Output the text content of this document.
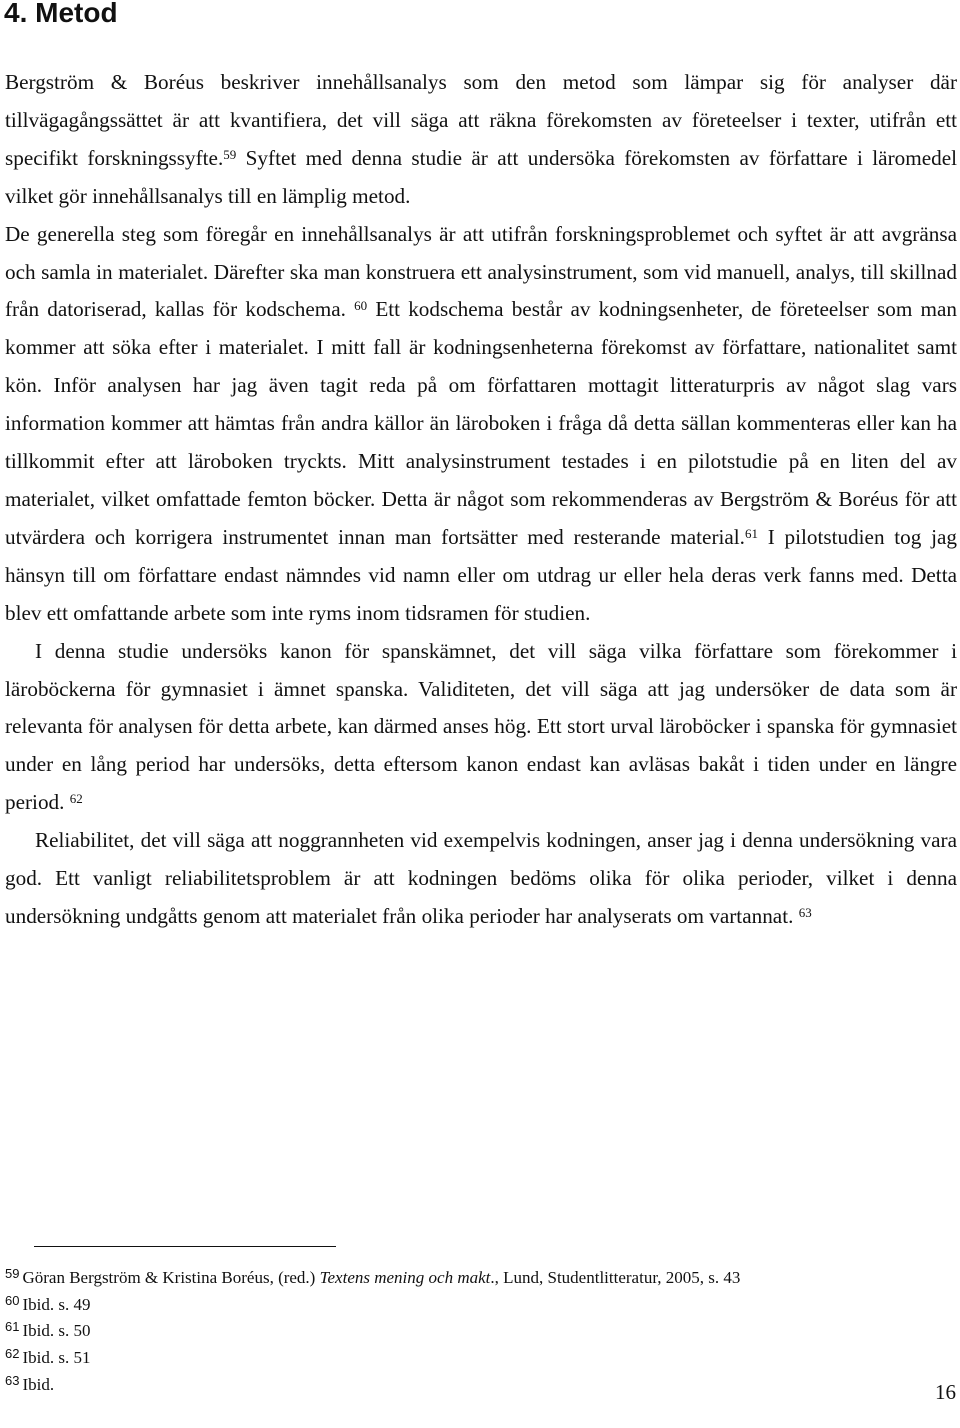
4. Metod

Bergström & Boréus beskriver innehållsanalys som den metod som lämpar sig för analyser där tillvägagångssättet är att kvantifiera, det vill säga att räkna förekomsten av företeelser i texter, utifrån ett specifikt forskningssyfte.$^{59}$ Syftet med denna studie är att undersöka förekomsten av författare i läromedel vilket gör innehållsanalys till en lämplig metod.

De generella steg som föregår en innehållsanalys är att utifrån forskningsproblemet och syftet är att avgränsa och samla in materialet. Därefter ska man konstruera ett analysinstrument, som vid manuell, analys, till skillnad från datoriserad, kallas för kodschema. $^{60}$ Ett kodschema består av kodningsenheter, de företeelser som man kommer att söka efter i materialet. I mitt fall är kodningsenheterna förekomst av författare, nationalitet samt kön. Inför analysen har jag även tagit reda på om författaren mottagit litteraturpris av något slag vars information kommer att hämtas från andra källor än läroboken i fråga då detta sällan kommenteras eller kan ha tillkommit efter att läroboken tryckts. Mitt analysinstrument testades i en pilotstudie på en liten del av materialet, vilket omfattade femton böcker. Detta är något som rekommenderas av Bergström & Boréus för att utvärdera och korrigera instrumentet innan man fortsätter med resterande material.$^{61}$ I pilotstudien tog jag hänsyn till om författare endast nämndes vid namn eller om utdrag ur eller hela deras verk fanns med. Detta blev ett omfattande arbete som inte ryms inom tidsramen för studien.

I denna studie undersöks kanon för spanskämnet, det vill säga vilka författare som förekommer i läroböckerna för gymnasiet i ämnet spanska. Validiteten, det vill säga att jag undersöker de data som är relevanta för analysen för detta arbete, kan därmed anses hög. Ett stort urval läroböcker i spanska för gymnasiet under en lång period har undersöks, detta eftersom kanon endast kan avläsas bakåt i tiden under en längre period. $^{62}$

Reliabilitet, det vill säga att noggrannheten vid exempelvis kodningen, anser jag i denna undersökning vara god. Ett vanligt reliabilitetsproblem är att kodningen bedöms olika för olika perioder, vilket i denna undersökning undgåtts genom att materialet från olika perioder har analyserats om vartannat. $^{63}$

$^{59}$ Göran Bergström & Kristina Boréus, (red.) Textens mening och makt., Lund, Studentlitteratur, 2005, s. 43

$^{60}$ Ibid. s. 49

$^{61}$ Ibid. s. 50

$^{62}$ Ibid. s. 51

$^{63}$ Ibid.	16
